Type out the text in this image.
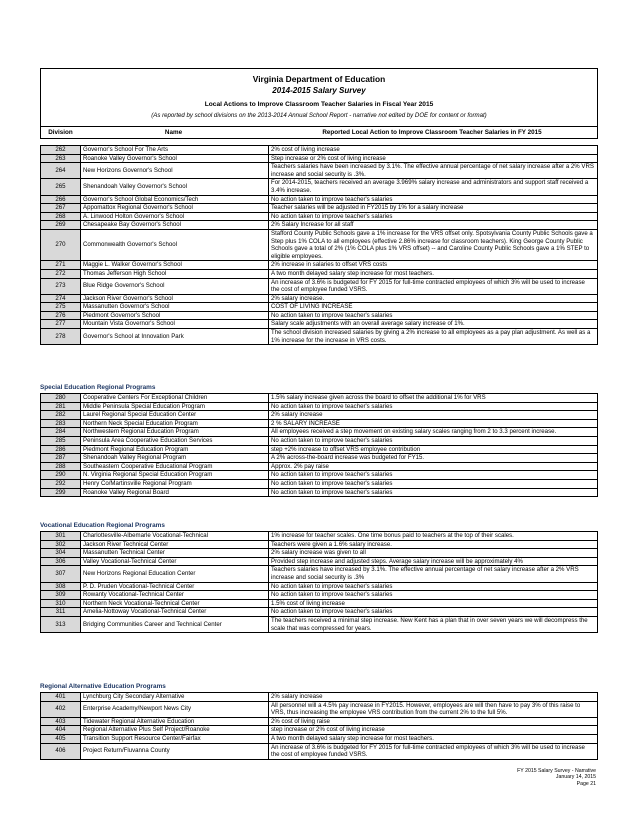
Virginia Department of Education
2014-2015 Salary Survey
Local Actions to Improve Classroom Teacher Salaries in Fiscal Year 2015
(As reported by school divisions on the 2013-2014 Annual School Report - narrative not edited by DOE for content or format)
Division	Name	Reported Local Action to Improve Classroom Teacher Salaries in FY 2015
262	Governor's School For The Arts	2% cost of living increase
263	Roanoke Valley Governor's School	Step increase or 2% cost of living increase
264	New Horizons Governor's School	Teachers salaries have been increased by 3.1%. The effective annual percentage of net salary increase after a 2% VRS increase and social security is .3%.
265	Shenandoah Valley Governor's School	For 2014-2015, teachers received an average 3.969% salary increase and administrators and support staff received a 3.4% increase.
266	Governor's School Global Economics/Tech	No action taken to improve teacher's salaries
267	Appomattox Regional Governor's School	Teacher salaries will be adjusted in FY2015 by 1% for a salary increase
268	A. Linwood Holton Governor's School	No action taken to improve teacher's salaries
269	Chesapeake Bay Governor's School	2% Salary Increase for all staff
270	Commonwealth Governor's School	Stafford County Public Schools gave a 1% increase for the VRS offset only. Spotsylvania County Public Schools gave a Step plus 1% COLA to all employees (effective 2.86% increase for classroom teachers). King George County Public Schools gave a total of 2% (1% COLA plus 1% VRS offset) -- and Caroline County Public Schools gave a 1% STEP to eligible employees.
271	Maggie L. Walker Governor's School	2% increase in salaries to offset VRS costs
272	Thomas Jefferson High School	A two month delayed salary step increase for most teachers.
273	Blue Ridge Governor's School	An increase of 3.6% is budgeted for FY 2015 for full-time contracted employees of which 3% will be used to increase the cost of employee funded VSRS.
274	Jackson River Governor's School	2% salary increase.
275	Massanutten Governor's School	COST OF LIVING INCREASE
276	Piedmont Governor's School	No action taken to improve teacher's salaries
277	Mountain Vista Governor's School	Salary scale adjustments with an overall average salary increase of 1%.
278	Governor's School at Innovation Park	The school division increased salaries by giving a 2% increase to all employees as a pay plan adjustment. As well as a 1% increase for the increase in VRS costs.
Special Education Regional Programs
280	Cooperative Centers For Exceptional Children	1.5% salary increase given across the board to offset the additional 1% for VRS
281	Middle Peninsula Special Education Program	No action taken to improve teacher's salaries
282	Laurel Regional Special Education Center	2% salary increase
283	Northern Neck Special Education Program	2 % SALARY INCREASE
284	Northwestern Regional Education Program	All employees received a step movement on existing salary scales ranging from 2 to 3.3 percent increase.
285	Peninsula Area Cooperative Education Services	No action taken to improve teacher's salaries
286	Piedmont Regional Education Program	step +2% increase to offset VRS employee contribution
287	Shenandoah Valley Regional Program	A 2% across-the-board increase was budgeted for FY15.
288	Southeastern Cooperative Educational Program	Approx. 2% pay raise
290	N. Virginia Regional Special Education Program	No action taken to improve teacher's salaries
292	Henry Co/Martinsville Regional Program	No action taken to improve teacher's salaries
299	Roanoke Valley Regional Board	No action taken to improve teacher's salaries
Vocational Education Regional Programs
301	Charlottesville-Albemarle Vocational-Technical	1% increase for teacher scales. One time bonus paid to teachers at the top of their scales.
302	Jackson River Technical Center	Teachers were given a 1.6% salary increase.
304	Massanutten Technical Center	2% salary increase was given to all
306	Valley Vocational-Technical Center	Provided step increase and adjusted steps. Average salary increase will be approximately 4%
307	New Horizons Regional Education Center	Teachers salaries have increased by 3.1%. The effective annual percentage of net salary increase after a 2% VRS increase and social security is .3%
308	P. D. Pruden Vocational-Technical Center	No action taken to improve teacher's salaries
309	Rowanty Vocational-Technical Center	No action taken to improve teacher's salaries
310	Northern Neck Vocational-Technical Center	1.5% cost of living increase
311	Amelia-Nottoway Vocational-Technical Center	No action taken to improve teacher's salaries
313	Bridging Communities Career and Technical Center	The teachers received a minimal step increase. New Kent has a plan that in over seven years we will decompress the scale that was compressed for years.
Regional Alternative Education Programs
401	Lynchburg City Secondary Alternative	2% salary increase
402	Enterprise Academy/Newport News City	All personnel will a 4.5% pay increase in FY2015. However, employees are will then have to pay 3% of this raise to VRS, thus increasing the employee VRS contribution from the current 2% to the full 5%.
403	Tidewater Regional Alternative Education	2% cost of living raise
404	Regional Alternative Plus Self Project/Roanoke	step increase or 2% cost of living increase
405	Transition Support Resource Center/Fairfax	A two month delayed salary step increase for most teachers.
406	Project Return/Fluvanna County	An increase of 3.6% is budgeted for FY 2015 for full-time contracted employees of which 3% will be used to increase the cost of employee funded VSRS.
FY 2015 Salary Survey - Narrative
January 14, 2015
Page 21
